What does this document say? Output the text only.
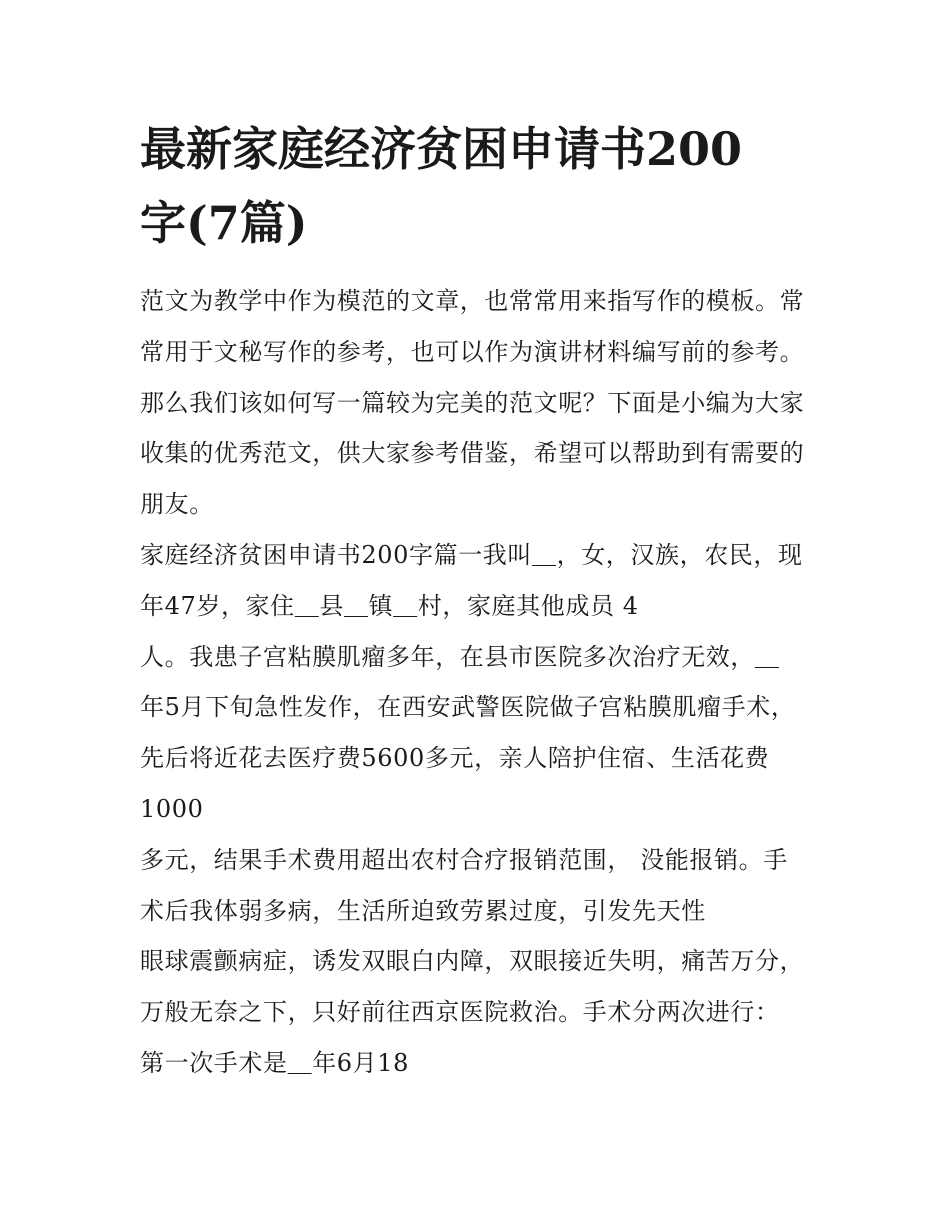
最新家庭经济贫困申请书200
字(7篇)
范文为教学中作为模范的文章，也常常用来指写作的模板。常
常用于文秘写作的参考，也可以作为演讲材料编写前的参考。
那么我们该如何写一篇较为完美的范文呢？下面是小编为大家
收集的优秀范文，供大家参考借鉴，希望可以帮助到有需要的
朋友。
家庭经济贫困申请书200字篇一我叫＿，女，汉族，农民，现
年47岁，家住＿县＿镇＿村，家庭其他成员 4
人。我患子宫粘膜肌瘤多年，在县市医院多次治疗无效，＿
年5月下旬急性发作，在西安武警医院做子宫粘膜肌瘤手术，
先后将近花去医疗费5600多元，亲人陪护住宿、生活花费
1000
多元，结果手术费用超出农村合疗报销范围， 没能报销。手
术后我体弱多病，生活所迫致劳累过度，引发先天性
眼球震颤病症，诱发双眼白内障，双眼接近失明，痛苦万分，
万般无奈之下，只好前往西京医院救治。手术分两次进行：
第一次手术是＿年6月18
